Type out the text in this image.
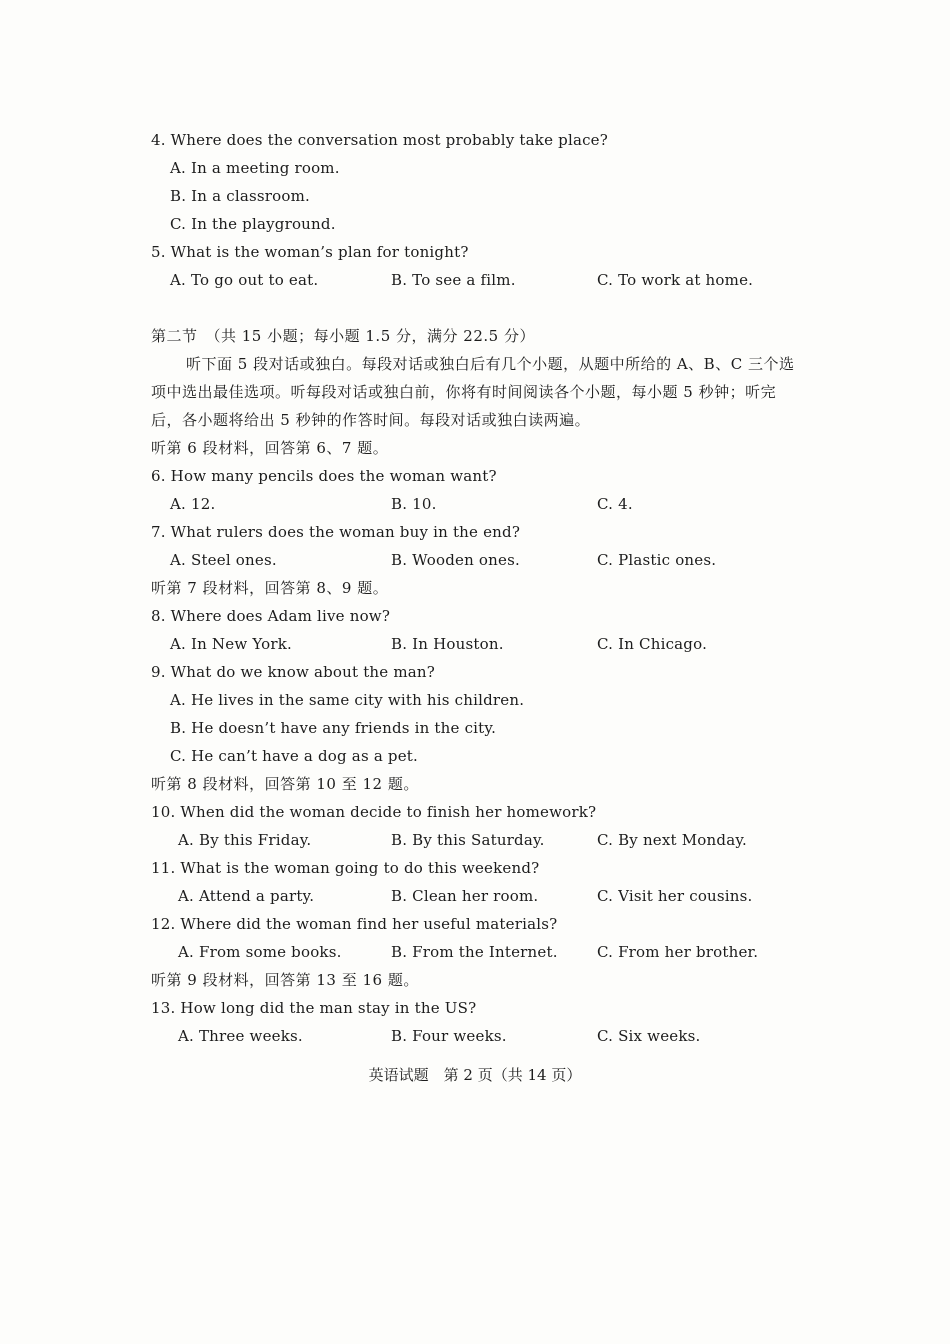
4. Where does the conversation most probably take place?
A. In a meeting room.
B. In a classroom.
C. In the playground.
5. What is the woman’s plan for tonight?
A. To go out to eat.	B. To see a film.	C. To work at home.
第二节　（共 15 小题；每小题 1.5 分，满分 22.5 分）
听下面 5 段对话或独白。每段对话或独白后有几个小题，从题中所给的 A、B、C 三个选
项中选出最佳选项。听每段对话或独白前，你将有时间阅读各个小题，每小题 5 秒钟；听完
后，各小题将给出 5 秒钟的作答时间。每段对话或独白读两遍。
听第 6 段材料，回答第 6、7 题。
6. How many pencils does the woman want?
A. 12.	B. 10.	C. 4.
7. What rulers does the woman buy in the end?
A. Steel ones.	B. Wooden ones.	C. Plastic ones.
听第 7 段材料，回答第 8、9 题。
8. Where does Adam live now?
A. In New York.	B. In Houston.	C. In Chicago.
9. What do we know about the man?
A. He lives in the same city with his children.
B. He doesn’t have any friends in the city.
C. He can’t have a dog as a pet.
听第 8 段材料，回答第 10 至 12 题。
10. When did the woman decide to finish her homework?
A. By this Friday.	B. By this Saturday.	C. By next Monday.
11. What is the woman going to do this weekend?
A. Attend a party.	B. Clean her room.	C. Visit her cousins.
12. Where did the woman find her useful materials?
A. From some books.	B. From the Internet.	C. From her brother.
听第 9 段材料，回答第 13 至 16 题。
13. How long did the man stay in the US?
A. Three weeks.	B. Four weeks.	C. Six weeks.
英语试题　第 2 页（共 14 页）
